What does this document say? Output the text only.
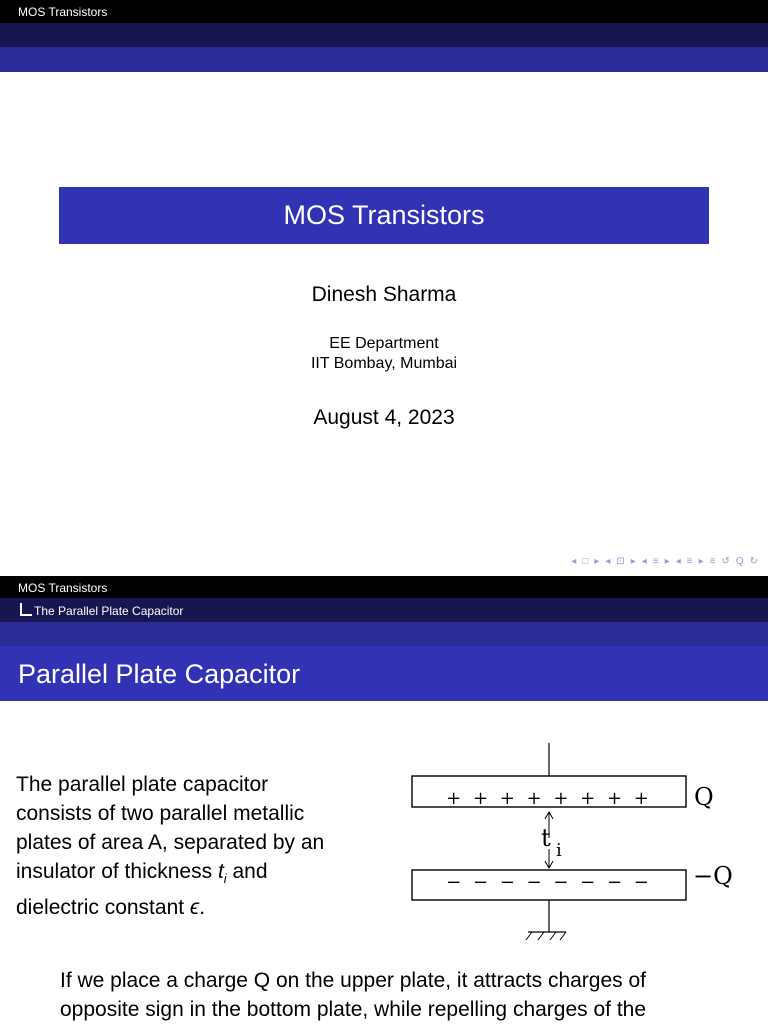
MOS Transistors
MOS Transistors
Dinesh Sharma
EE Department
IIT Bombay, Mumbai
August 4, 2023
◂ □ ▸ ◂ ⊡ ▸ ◂ ≡ ▸ ◂ ≡ ▸ ≡ ↺ Q ↻
MOS Transistors
The Parallel Plate Capacitor
Parallel Plate Capacitor
The parallel plate capacitor
consists of two parallel metallic
plates of area A, separated by an
insulator of thickness $t_i$ and
dielectric constant ϵ.
+ + + + + + + + Q
t i
− − − − − − − − −Q
If we place a charge Q on the upper plate, it attracts charges of
opposite sign in the bottom plate, while repelling charges of the
